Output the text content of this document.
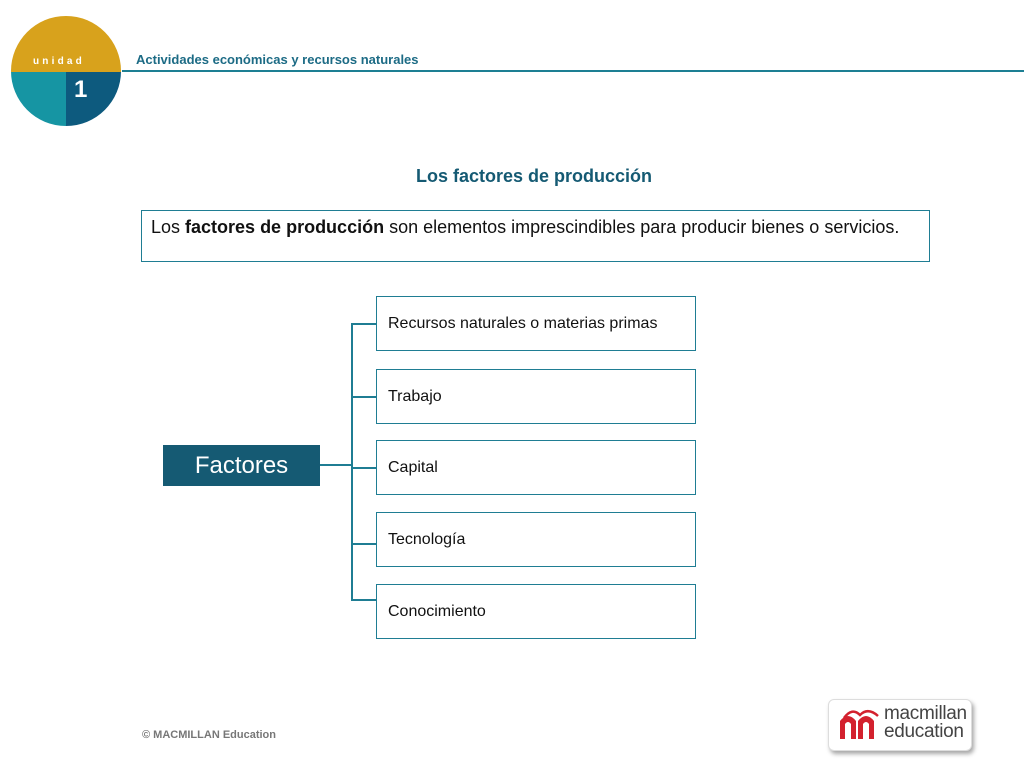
unidad
1
Actividades económicas y recursos naturales
Los factores de producción
Los factores de producción son elementos imprescindibles para producir bienes o servicios.
Factores
Recursos naturales o materias primas
Trabajo
Capital
Tecnología
Conocimiento
© MACMILLAN Education
macmillan
education
